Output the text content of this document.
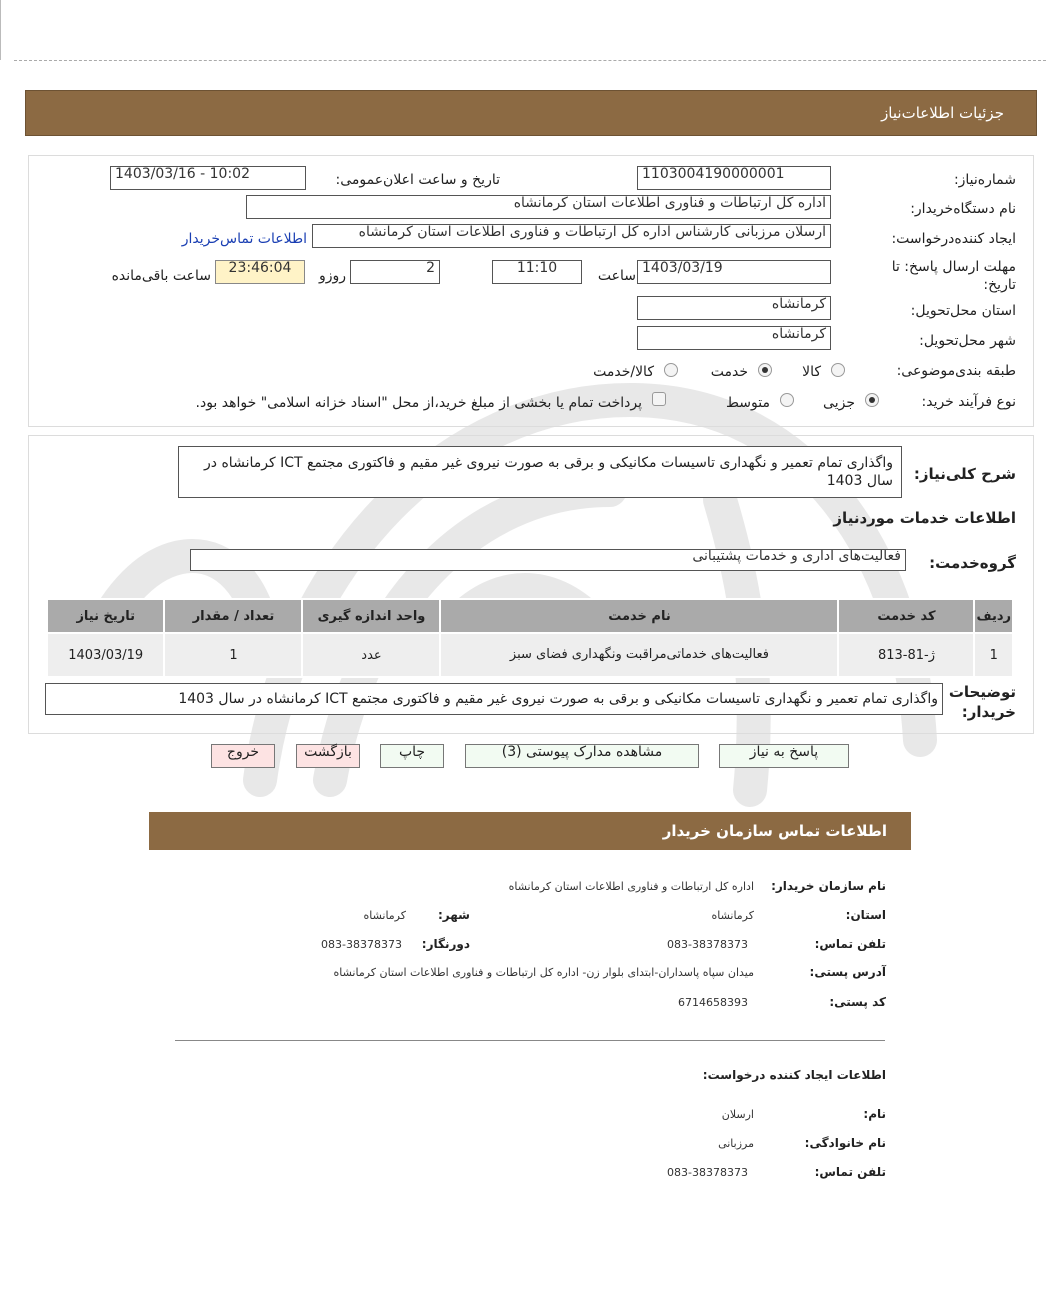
جزئیات اطلاعات‌نیاز
شماره‌نیاز:
1103004190000001
تاریخ و ساعت اعلان‌عمومی:
1403/03/16 - 10:02
نام دستگاه‌خریدار:
اداره کل ارتباطات و فناوری اطلاعات استان کرمانشاه
ایجاد کننده‌درخواست:
ارسلان مرزبانی کارشناس اداره کل ارتباطات و فناوری اطلاعات استان کرمانشاه
اطلاعات تماس‌خریدار
مهلت ارسال پاسخ: تا تاریخ:
1403/03/19
ساعت
11:10
2
روزو
23:46:04
ساعت باقی‌مانده
استان محل‌تحویل:
کرمانشاه
شهر محل‌تحویل:
کرمانشاه
طبقه بندی‌موضوعی:
کالا
خدمت
کالا/خدمت
نوع فرآیند خرید:
جزیی
متوسط
پرداخت تمام یا بخشی از مبلغ خرید،از محل "اسناد خزانه اسلامی" خواهد بود.
شرح کلی‌نیاز:
واگذاری تمام تعمیر و نگهداری تاسیسات مکانیکی و برقی به صورت نیروی غیر مقیم و فاکتوری مجتمع ICT کرمانشاه در سال 1403
اطلاعات خدمات موردنیاز
گروه‌خدمت:
فعالیت‌های اداری و خدمات پشتیبانی
ردیف	کد خدمت	نام خدمت	واحد اندازه گیری	تعداد / مقدار	تاریخ نیاز
1	ژ-81-813	فعالیت‌های خدماتی‌مراقبت ونگهداری فضای سبز	عدد	1	1403/03/19
توضیحات خریدار:
واگذاری تمام تعمیر و نگهداری تاسیسات مکانیکی و برقی به صورت نیروی غیر مقیم و فاکتوری مجتمع ICT کرمانشاه در سال 1403
پاسخ به نیاز
مشاهده مدارک پیوستی (3)
چاپ
بازگشت
خروج
اطلاعات تماس سازمان خریدار
نام سازمان خریدار:
اداره کل ارتباطات و فناوری اطلاعات استان کرمانشاه
استان:
کرمانشاه
شهر:
کرمانشاه
تلفن تماس:
083-38378373
دورنگار:
083-38378373
آدرس پستی:
میدان سپاه پاسداران-ابتدای بلوار زن- اداره کل ارتباطات و فناوری اطلاعات استان کرمانشاه
کد پستی:
6714658393
اطلاعات ایجاد کننده درخواست:
نام:
ارسلان
نام خانوادگی:
مرزبانی
تلفن تماس:
083-38378373
